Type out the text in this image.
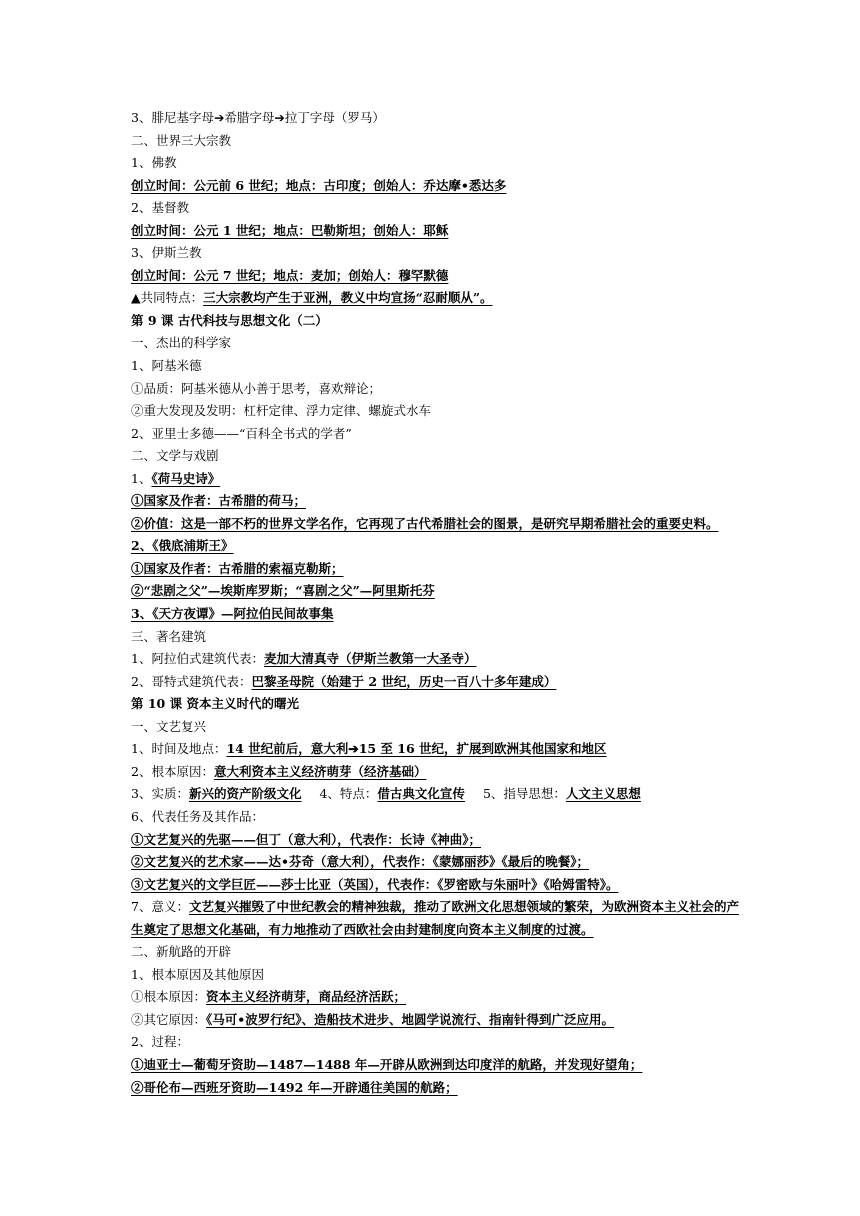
3、腓尼基字母➔希腊字母➔拉丁字母（罗马）
二、世界三大宗教
1、佛教
创立时间：公元前 6 世纪；地点：古印度；创始人：乔达摩•悉达多
2、基督教
创立时间：公元 1 世纪；地点：巴勒斯坦；创始人：耶稣
3、伊斯兰教
创立时间：公元 7 世纪；地点：麦加；创始人：穆罕默德
▲共同特点：三大宗教均产生于亚洲，教义中均宣扬“忍耐顺从”。
第 9 课 古代科技与思想文化（二）
一、杰出的科学家
1、阿基米德
①品质：阿基米德从小善于思考，喜欢辩论；
②重大发现及发明：杠杆定律、浮力定律、螺旋式水车
2、亚里士多德——“百科全书式的学者”
二、文学与戏剧
1、《荷马史诗》
①国家及作者：古希腊的荷马；
②价值：这是一部不朽的世界文学名作，它再现了古代希腊社会的图景，是研究早期希腊社会的重要史料。
2、《俄底浦斯王》
①国家及作者：古希腊的索福克勒斯；
②“悲剧之父”—埃斯库罗斯；“喜剧之父”—阿里斯托芬
3、《天方夜谭》—阿拉伯民间故事集
三、著名建筑
1、阿拉伯式建筑代表：麦加大清真寺（伊斯兰教第一大圣寺）
2、哥特式建筑代表：巴黎圣母院（始建于 2 世纪，历史一百八十多年建成）
第 10 课 资本主义时代的曙光
一、文艺复兴
1、时间及地点：14 世纪前后，意大利➔15 至 16 世纪，扩展到欧洲其他国家和地区
2、根本原因：意大利资本主义经济萌芽（经济基础）
3、实质：新兴的资产阶级文化 4、特点：借古典文化宣传 5、指导思想：人文主义思想
6、代表任务及其作品：
①文艺复兴的先驱——但丁（意大利），代表作：长诗《神曲》；
②文艺复兴的艺术家——达•芬奇（意大利），代表作：《蒙娜丽莎》《最后的晚餐》；
③文艺复兴的文学巨匠——莎士比亚（英国），代表作：《罗密欧与朱丽叶》《哈姆雷特》。
7、意义：文艺复兴摧毁了中世纪教会的精神独裁，推动了欧洲文化思想领域的繁荣，为欧洲资本主义社会的产生奠定了思想文化基础，有力地推动了西欧社会由封建制度向资本主义制度的过渡。
二、新航路的开辟
1、根本原因及其他原因
①根本原因：资本主义经济萌芽，商品经济活跃；
②其它原因：《马可•波罗行纪》、造船技术进步、地圆学说流行、指南针得到广泛应用。
2、过程：
①迪亚士—葡萄牙资助—1487—1488 年—开辟从欧洲到达印度洋的航路，并发现好望角；
②哥伦布—西班牙资助—1492 年—开辟通往美国的航路；
